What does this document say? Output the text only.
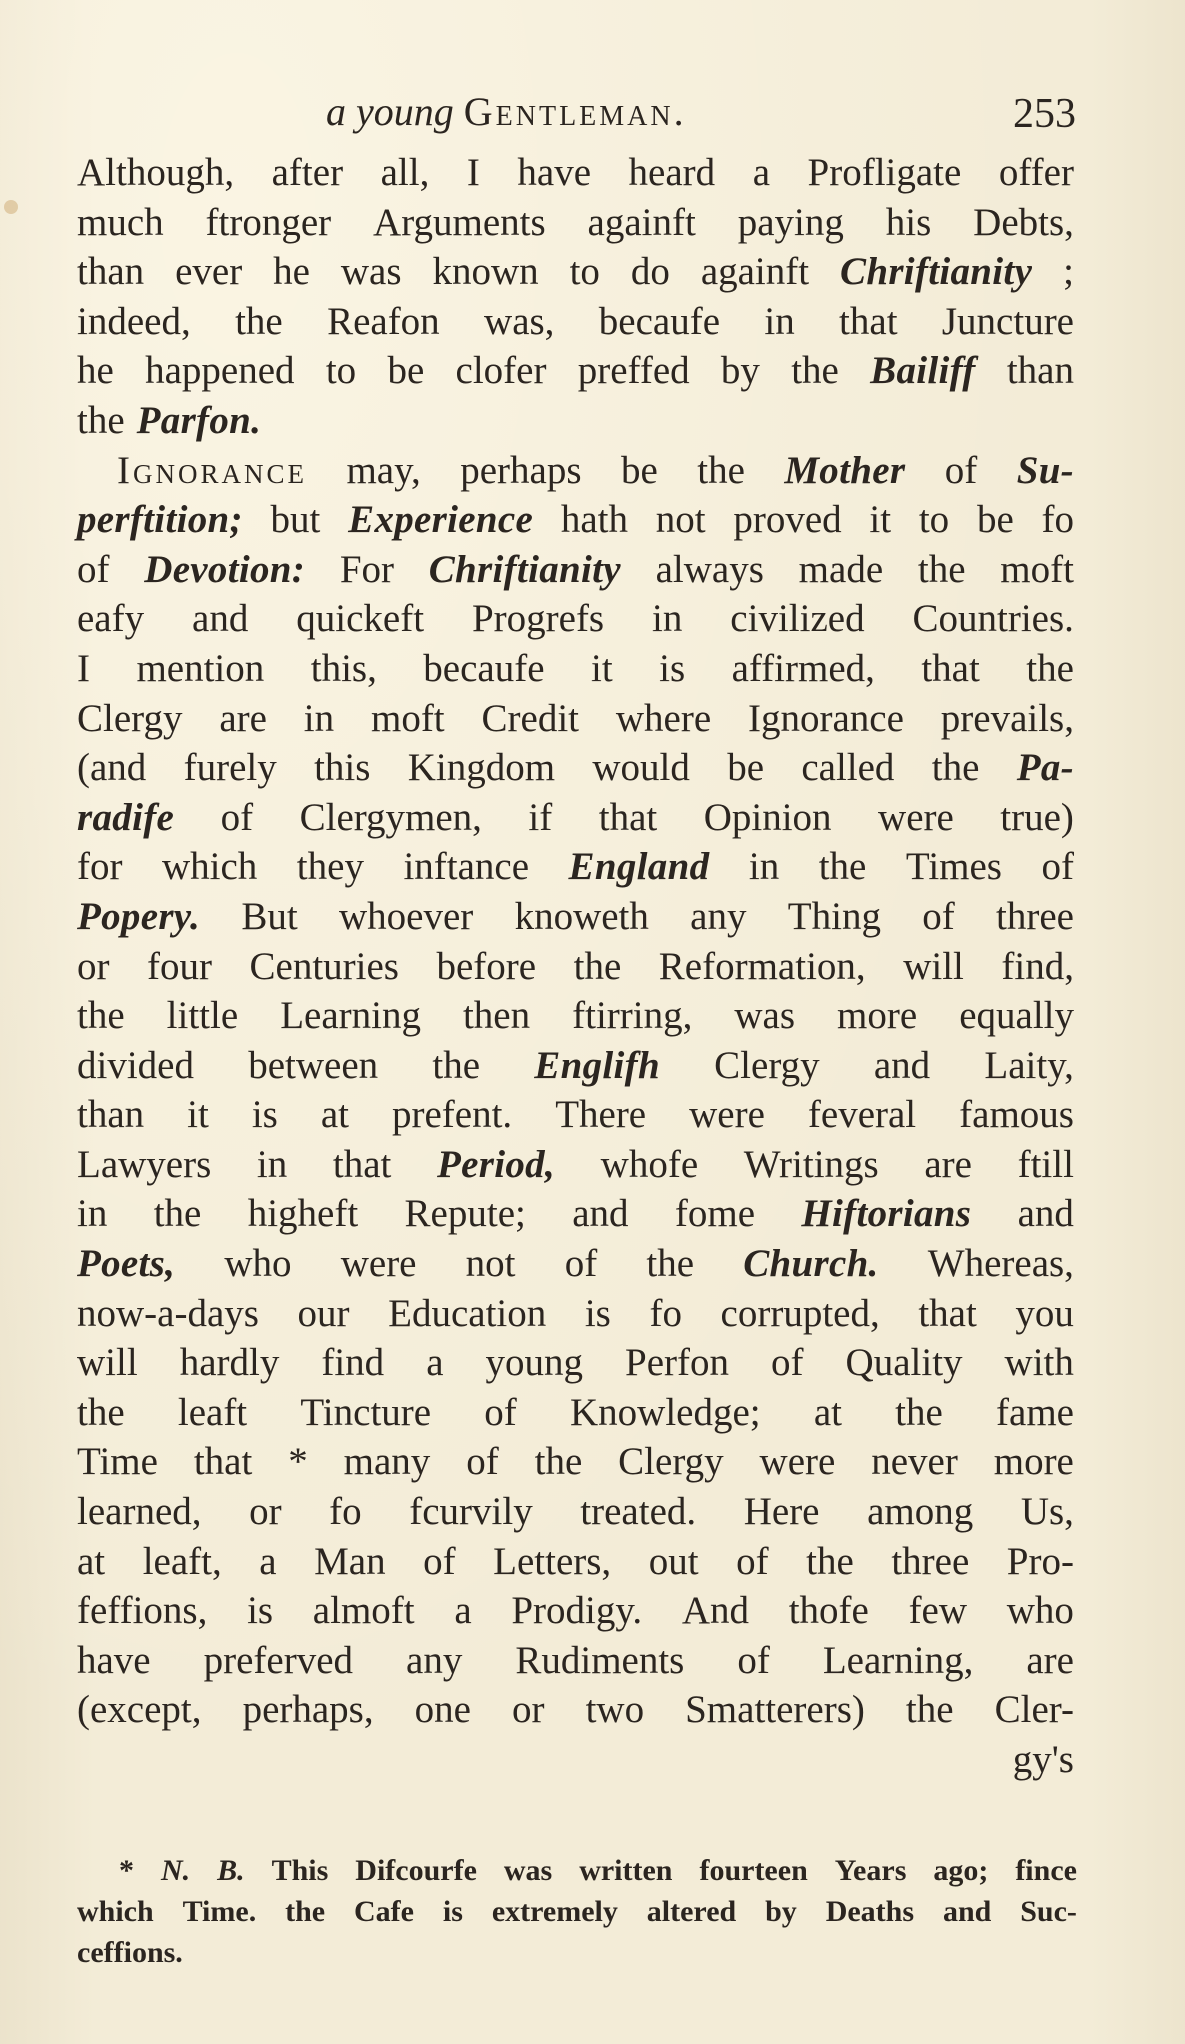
a young Gentleman.	253
Although, after all, I have heard a Profligate offer
much ftronger Arguments againft paying his Debts,
than ever he was known to do againft Chriftianity ;
indeed, the Reafon was, becaufe in that Juncture
he happened to be clofer preffed by the Bailiff than
the Parfon.
Ignorance may, perhaps be the Mother of Su-
perftition; but Experience hath not proved it to be fo
of Devotion: For Chriftianity always made the moft
eafy and quickeft Progrefs in civilized Countries.
I mention this, becaufe it is affirmed, that the
Clergy are in moft Credit where Ignorance prevails,
(and furely this Kingdom would be called the Pa-
radife of Clergymen, if that Opinion were true)
for which they inftance England in the Times of
Popery. But whoever knoweth any Thing of three
or four Centuries before the Reformation, will find,
the little Learning then ftirring, was more equally
divided between the Englifh Clergy and Laity,
than it is at prefent. There were feveral famous
Lawyers in that Period, whofe Writings are ftill
in the higheft Repute; and fome Hiftorians and
Poets, who were not of the Church. Whereas,
now-a-days our Education is fo corrupted, that you
will hardly find a young Perfon of Quality with
the leaft Tincture of Knowledge; at the fame
Time that * many of the Clergy were never more
learned, or fo fcurvily treated. Here among Us,
at leaft, a Man of Letters, out of the three Pro-
feffions, is almoft a Prodigy. And thofe few who
have preferved any Rudiments of Learning, are
(except, perhaps, one or two Smatterers) the Cler-
gy's
* N. B. This Difcourfe was written fourteen Years ago; fince
which Time. the Cafe is extremely altered by Deaths and Suc-
ceffions.
